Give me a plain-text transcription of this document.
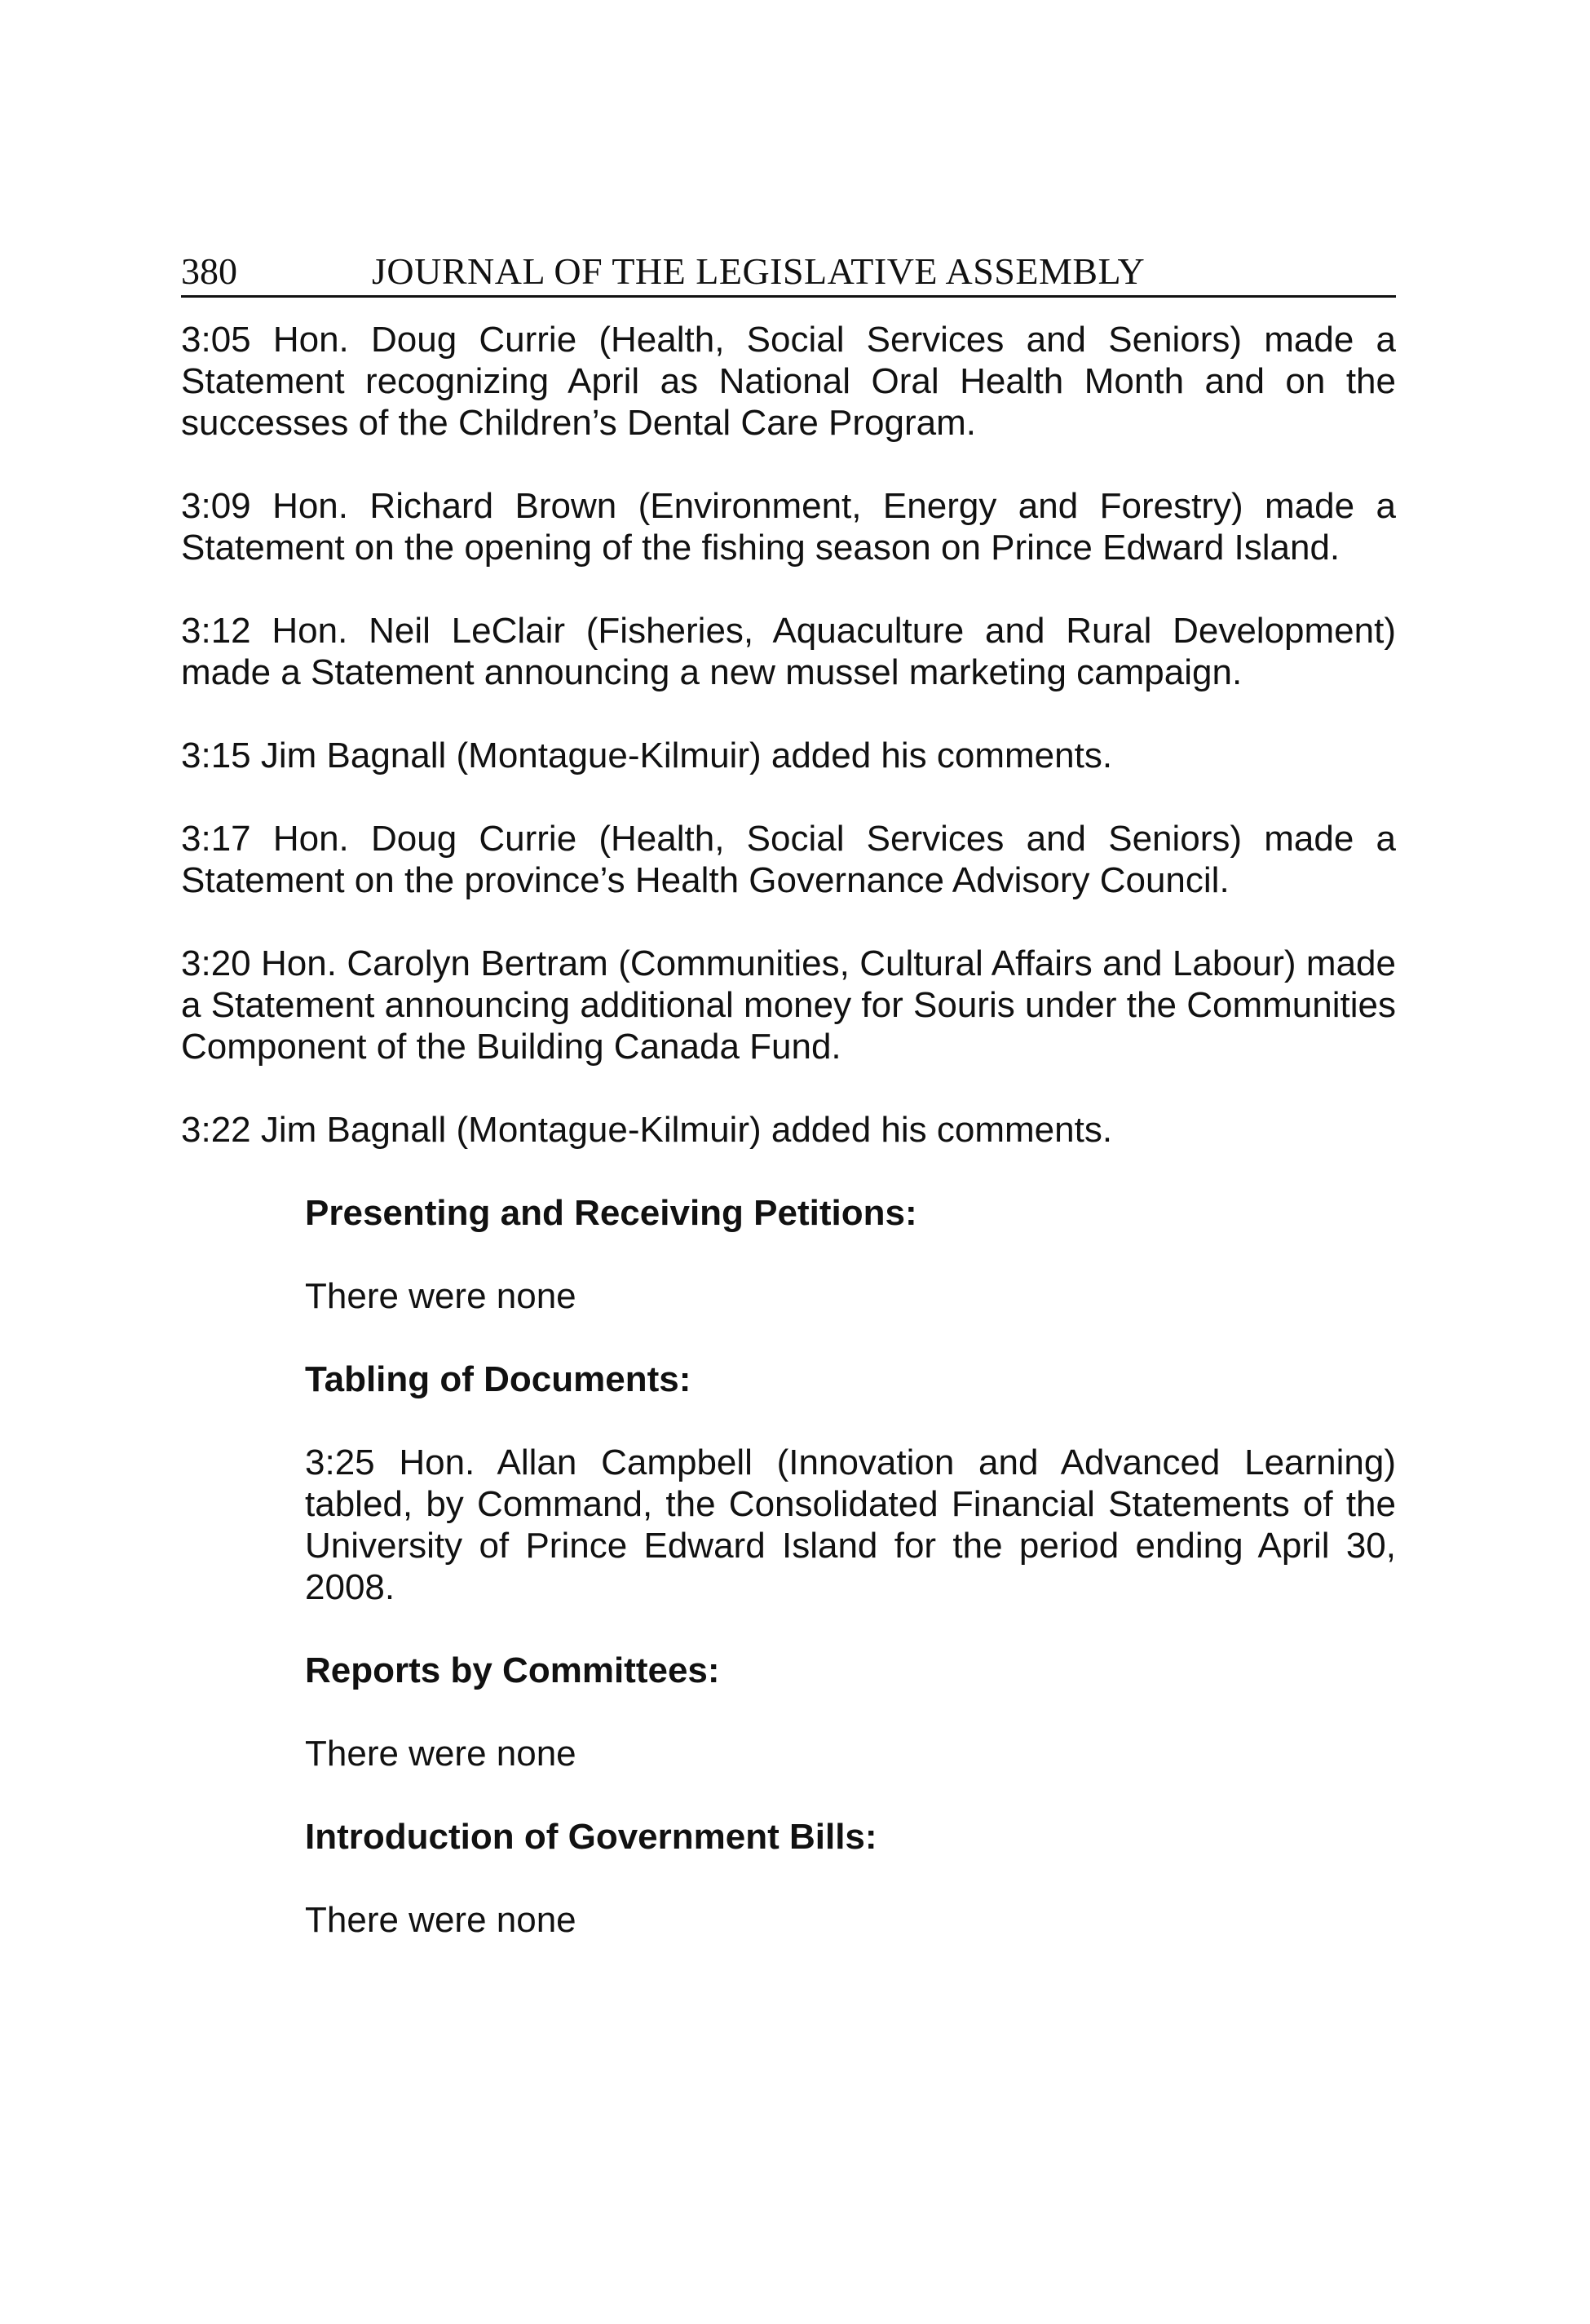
380	JOURNAL OF THE LEGISLATIVE ASSEMBLY

3:05 Hon. Doug Currie (Health, Social Services and Seniors) made a Statement recognizing April as National Oral Health Month and on the successes of the Children’s Dental Care Program.

3:09 Hon. Richard Brown (Environment, Energy and Forestry) made a Statement on the opening of the fishing season on Prince Edward Island.

3:12 Hon. Neil LeClair (Fisheries, Aquaculture and Rural Development) made a Statement announcing a new mussel marketing campaign.

3:15 Jim Bagnall (Montague-Kilmuir) added his comments.

3:17 Hon. Doug Currie (Health, Social Services and Seniors) made a Statement on the province’s Health Governance Advisory Council.

3:20 Hon. Carolyn Bertram (Communities, Cultural Affairs and Labour) made a Statement announcing additional money for Souris under the Communities Component of the Building Canada Fund.

3:22 Jim Bagnall (Montague-Kilmuir) added his comments.

Presenting and Receiving Petitions:

There were none

Tabling of Documents:

3:25 Hon. Allan Campbell (Innovation and Advanced Learning) tabled, by Command, the Consolidated Financial Statements of the University of Prince Edward Island for the period ending April 30, 2008.

Reports by Committees:

There were none

Introduction of Government Bills:

There were none
